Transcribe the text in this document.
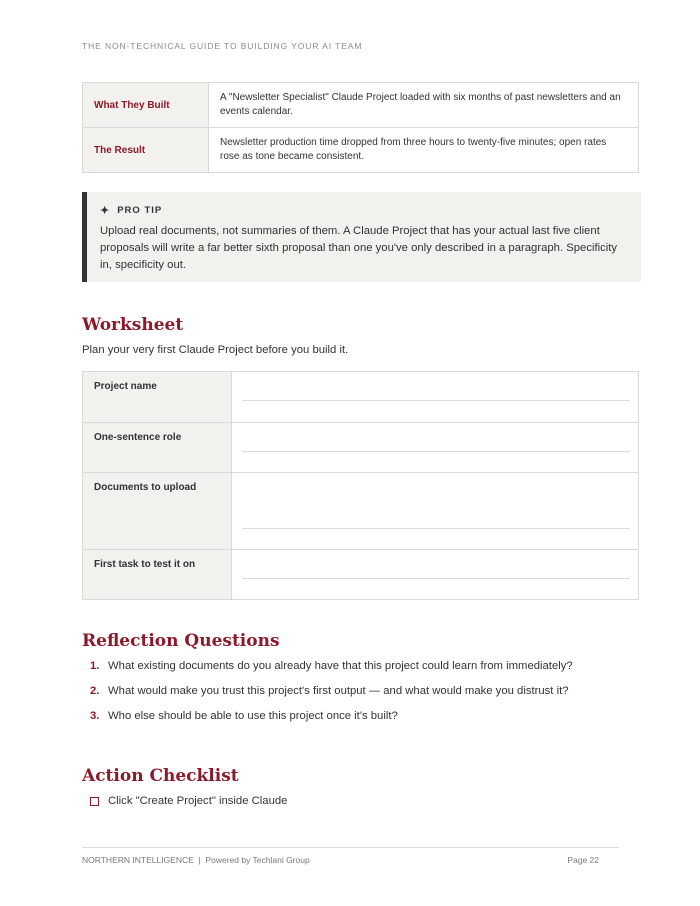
THE NON-TECHNICAL GUIDE TO BUILDING YOUR AI TEAM
What They Built	A "Newsletter Specialist" Claude Project loaded with six months of past newsletters and an events calendar.
The Result	Newsletter production time dropped from three hours to twenty-five minutes; open rates rose as tone became consistent.
✦ PRO TIP
Upload real documents, not summaries of them. A Claude Project that has your actual last five client proposals will write a far better sixth proposal than one you've only described in a paragraph. Specificity in, specificity out.
Worksheet
Plan your very first Claude Project before you build it.
Project name
One-sentence role
Documents to upload
First task to test it on
Reflection Questions
1. What existing documents do you already have that this project could learn from immediately?
2. What would make you trust this project's first output — and what would make you distrust it?
3. Who else should be able to use this project once it's built?
Action Checklist
Click "Create Project" inside Claude
NORTHERN INTELLIGENCE  |  Powered by Techlani Group	Page 22
